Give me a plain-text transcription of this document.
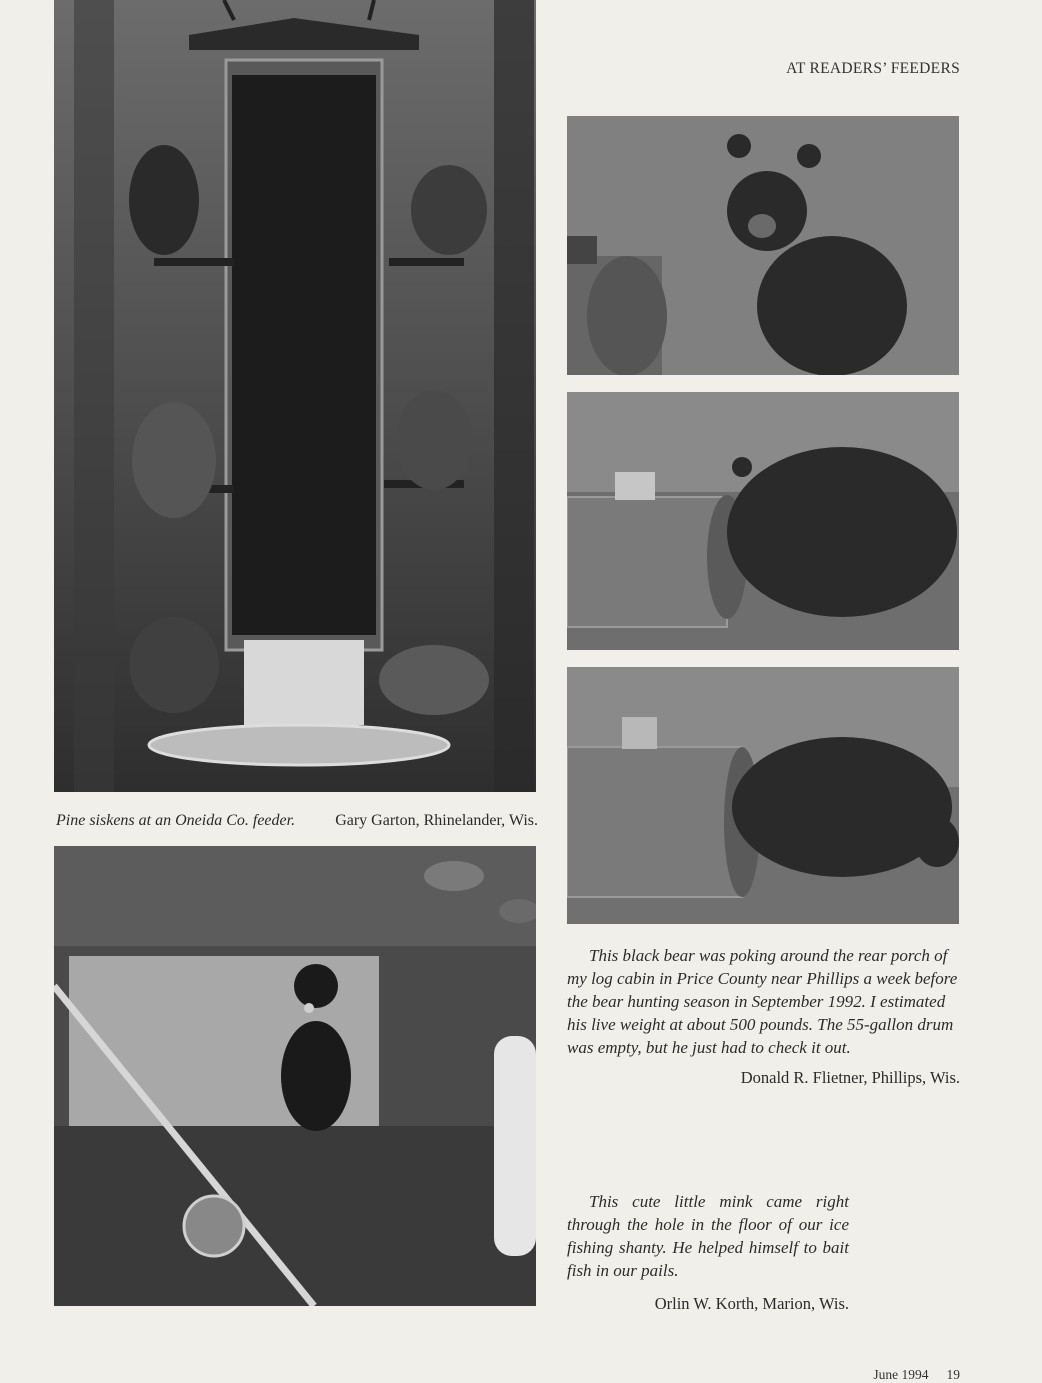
AT READERS’ FEEDERS
Pine siskens at an Oneida Co. feeder.	Gary Garton, Rhinelander, Wis.
This black bear was poking around the rear porch of my log cabin in Price County near Phillips a week before the bear hunting season in September 1992. I estimated his live weight at about 500 pounds. The 55-gallon drum was empty, but he just had to check it out.
Donald R. Flietner, Phillips, Wis.
This cute little mink came right through the hole in the floor of our ice fishing shanty. He helped himself to bait fish in our pails.
Orlin W. Korth, Marion, Wis.
June 1994 19
